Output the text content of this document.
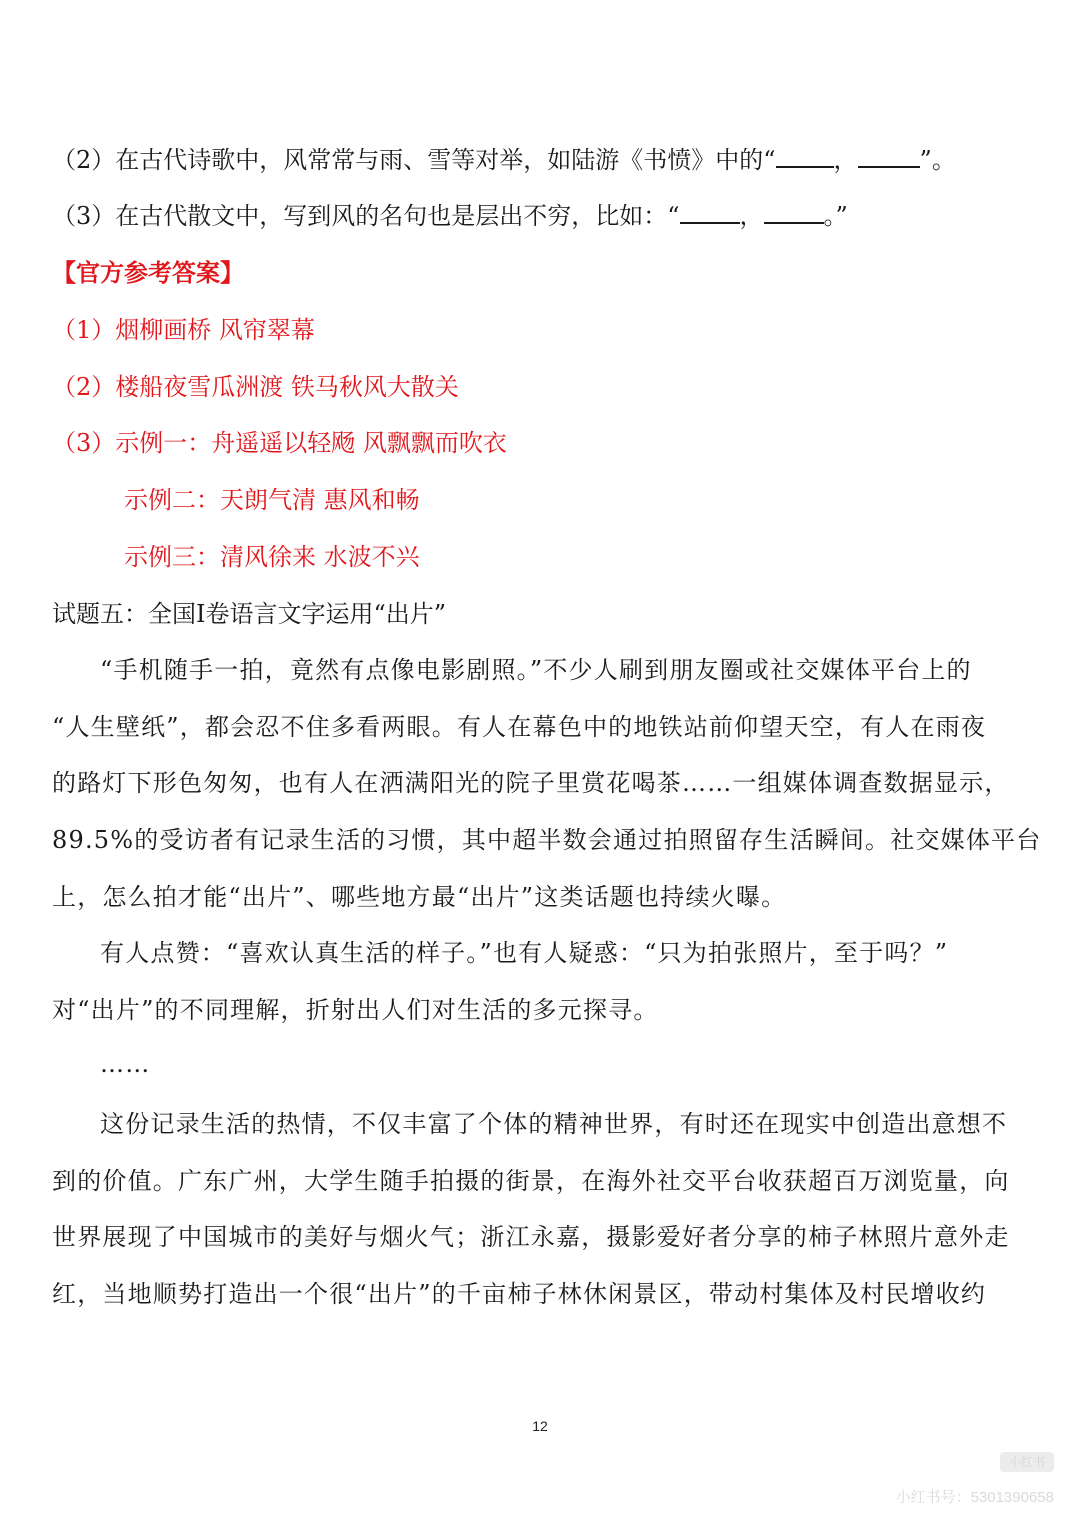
（2）在古代诗歌中，风常常与雨、雪等对举，如陆游《书愤》中的“ ，	”。
（3）在古代散文中，写到风的名句也是层出不穷，比如：“	，	。”
【官方参考答案】
（1）烟柳画桥 风帘翠幕
（2）楼船夜雪瓜洲渡 铁马秋风大散关
（3）示例一：舟遥遥以轻飏 风飘飘而吹衣
示例二：天朗气清 惠风和畅
示例三：清风徐来 水波不兴
试题五：全国Ⅰ卷语言文字运用“出片”
“手机随手一拍，竟然有点像电影剧照。”不少人刷到朋友圈或社交媒体平台上的
“人生壁纸”，都会忍不住多看两眼。有人在幕色中的地铁站前仰望天空，有人在雨夜
的路灯下形色匆匆，也有人在洒满阳光的院子里赏花喝茶……一组媒体调查数据显示，
89.5%的受访者有记录生活的习惯，其中超半数会通过拍照留存生活瞬间。社交媒体平台
上，怎么拍才能“出片”、哪些地方最“出片”这类话题也持续火曝。
有人点赞：“喜欢认真生活的样子。”也有人疑惑：“只为拍张照片，至于吗？”
对“出片”的不同理解，折射出人们对生活的多元探寻。
……
这份记录生活的热情，不仅丰富了个体的精神世界，有时还在现实中创造出意想不
到的价值。广东广州，大学生随手拍摄的街景，在海外社交平台收获超百万浏览量，向
世界展现了中国城市的美好与烟火气；浙江永嘉，摄影爱好者分享的柿子林照片意外走
红，当地顺势打造出一个很“出片”的千亩柿子林休闲景区，带动村集体及村民增收约
12
小红书
小红书号：5301390658
